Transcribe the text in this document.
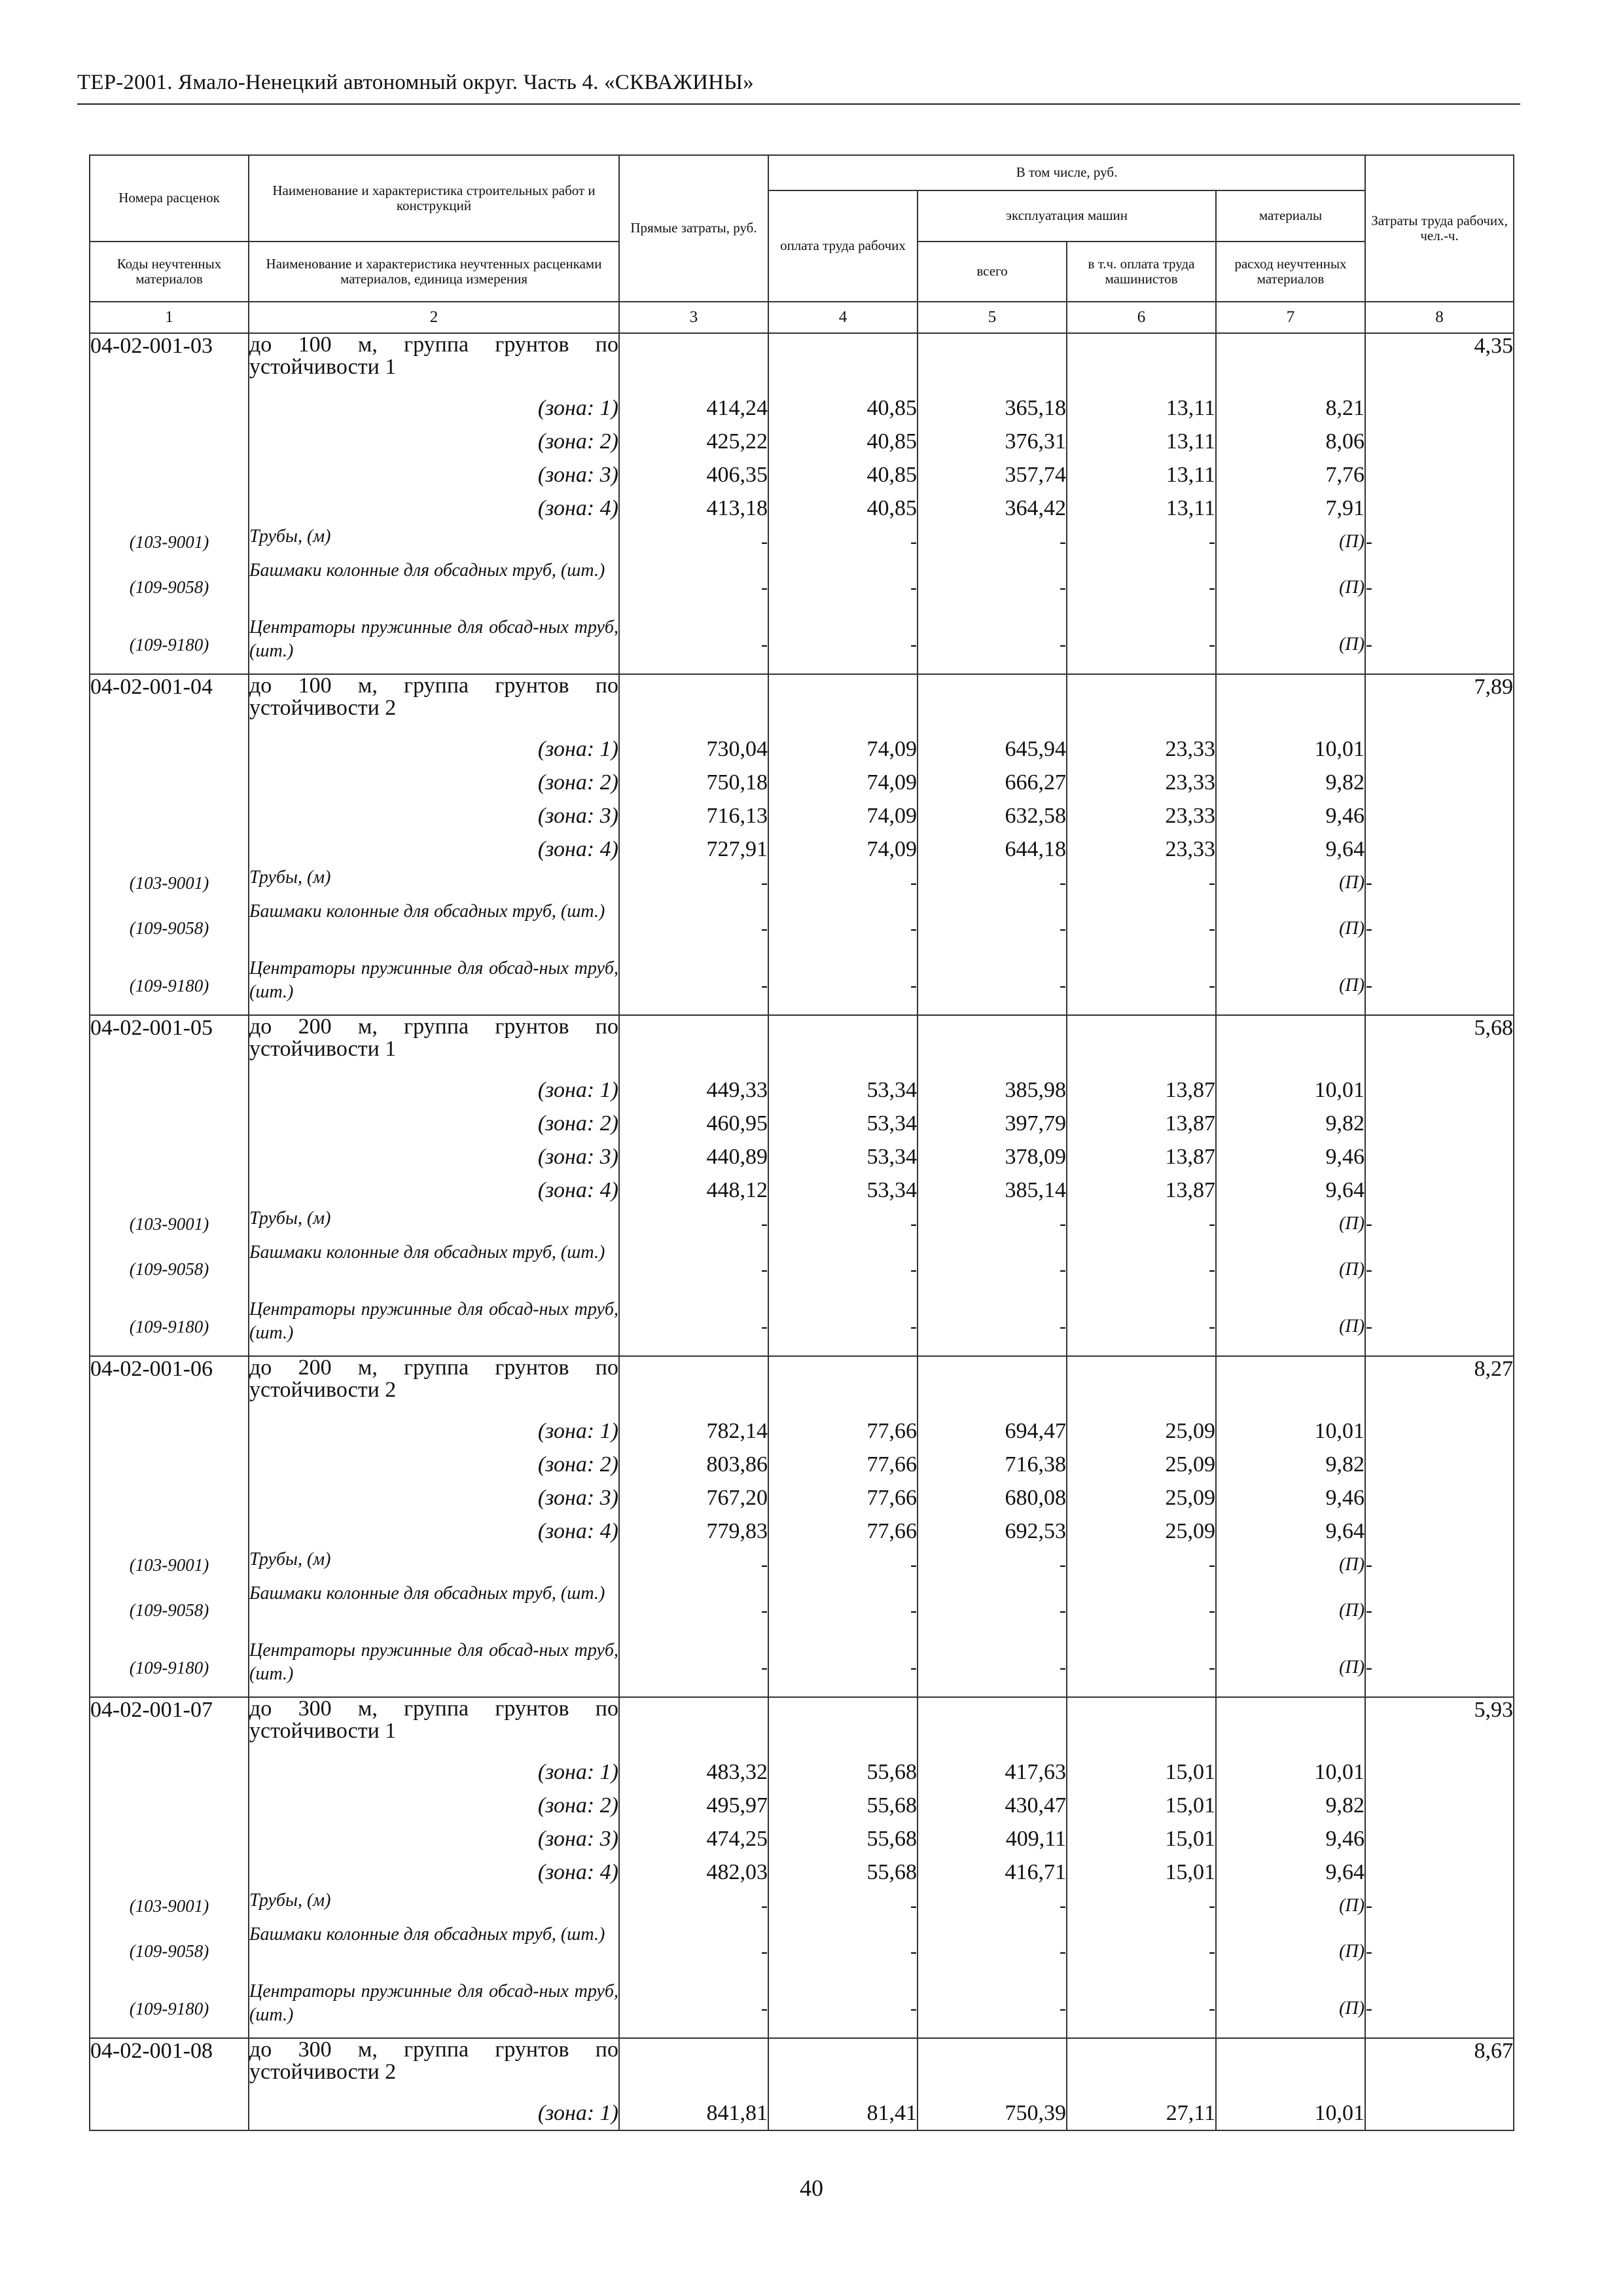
ТЕР-2001. Ямало-Ненецкий автономный округ. Часть 4. «СКВАЖИНЫ»
Номера расценок	Наименование и характеристика строительных работ и конструкций	Прямые затраты, руб.	В том числе, руб.				Затраты труда рабочих, чел.-ч.
			оплата труда рабочих	эксплуатация машин		материалы	
Коды неучтенных материалов	Наименование и характеристика неучтенных расценками материалов, единица измерения			всего	в т.ч. оплата труда машинистов	расход неучтенных материалов	
1	2	3	4	5	6	7	8
04-02-001-03	до 100 м, группа грунтов по устойчивости 1						4,35
	(зона: 1)	414,24	40,85	365,18	13,11	8,21	
	(зона: 2)	425,22	40,85	376,31	13,11	8,06	
	(зона: 3)	406,35	40,85	357,74	13,11	7,76	
	(зона: 4)	413,18	40,85	364,42	13,11	7,91	
(103-9001)	Трубы, (м)	-	-	-	-	(П)	-
(109-9058)	Башмаки колонные для обсадных труб, (шт.)	-	-	-	-	(П)	-
(109-9180)	Центраторы пружинные для обсад-ных труб, (шт.)	-	-	-	-	(П)	-
04-02-001-04	до 100 м, группа грунтов по устойчивости 2						7,89
	(зона: 1)	730,04	74,09	645,94	23,33	10,01	
	(зона: 2)	750,18	74,09	666,27	23,33	9,82	
	(зона: 3)	716,13	74,09	632,58	23,33	9,46	
	(зона: 4)	727,91	74,09	644,18	23,33	9,64	
(103-9001)	Трубы, (м)	-	-	-	-	(П)	-
(109-9058)	Башмаки колонные для обсадных труб, (шт.)	-	-	-	-	(П)	-
(109-9180)	Центраторы пружинные для обсад-ных труб, (шт.)	-	-	-	-	(П)	-
04-02-001-05	до 200 м, группа грунтов по устойчивости 1						5,68
	(зона: 1)	449,33	53,34	385,98	13,87	10,01	
	(зона: 2)	460,95	53,34	397,79	13,87	9,82	
	(зона: 3)	440,89	53,34	378,09	13,87	9,46	
	(зона: 4)	448,12	53,34	385,14	13,87	9,64	
(103-9001)	Трубы, (м)	-	-	-	-	(П)	-
(109-9058)	Башмаки колонные для обсадных труб, (шт.)	-	-	-	-	(П)	-
(109-9180)	Центраторы пружинные для обсад-ных труб, (шт.)	-	-	-	-	(П)	-
04-02-001-06	до 200 м, группа грунтов по устойчивости 2						8,27
	(зона: 1)	782,14	77,66	694,47	25,09	10,01	
	(зона: 2)	803,86	77,66	716,38	25,09	9,82	
	(зона: 3)	767,20	77,66	680,08	25,09	9,46	
	(зона: 4)	779,83	77,66	692,53	25,09	9,64	
(103-9001)	Трубы, (м)	-	-	-	-	(П)	-
(109-9058)	Башмаки колонные для обсадных труб, (шт.)	-	-	-	-	(П)	-
(109-9180)	Центраторы пружинные для обсад-ных труб, (шт.)	-	-	-	-	(П)	-
04-02-001-07	до 300 м, группа грунтов по устойчивости 1						5,93
	(зона: 1)	483,32	55,68	417,63	15,01	10,01	
	(зона: 2)	495,97	55,68	430,47	15,01	9,82	
	(зона: 3)	474,25	55,68	409,11	15,01	9,46	
	(зона: 4)	482,03	55,68	416,71	15,01	9,64	
(103-9001)	Трубы, (м)	-	-	-	-	(П)	-
(109-9058)	Башмаки колонные для обсадных труб, (шт.)	-	-	-	-	(П)	-
(109-9180)	Центраторы пружинные для обсад-ных труб, (шт.)	-	-	-	-	(П)	-
04-02-001-08	до 300 м, группа грунтов по устойчивости 2						8,67
	(зона: 1)	841,81	81,41	750,39	27,11	10,01	
40
